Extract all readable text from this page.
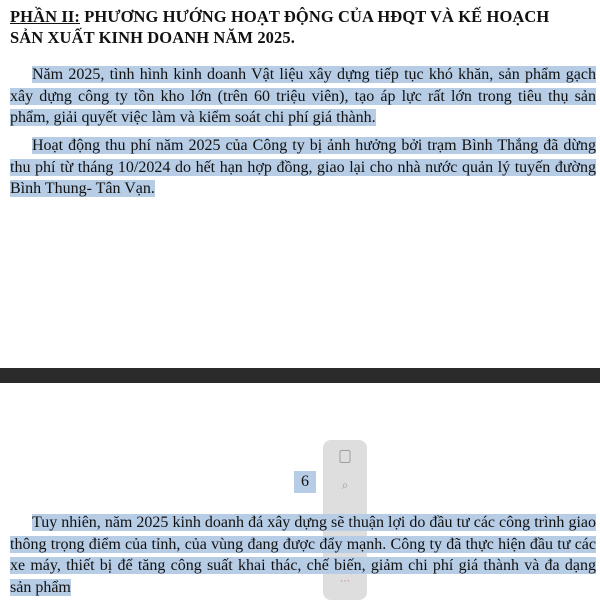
PHẦN II: PHƯƠNG HƯỚNG HOẠT ĐỘNG CỦA HĐQT VÀ KẾ HOẠCH
SẢN XUẤT KINH DOANH NĂM 2025.

Năm 2025, tình hình kinh doanh Vật liệu xây dựng tiếp tục khó khăn, sản phẩm gạch xây dựng công ty tồn kho lớn (trên 60 triệu viên), tạo áp lực rất lớn trong tiêu thụ sản phẩm, giải quyết việc làm và kiểm soát chi phí giá thành.

Hoạt động thu phí năm 2025 của Công ty bị ảnh hưởng bởi trạm Bình Thắng đã dừng thu phí từ tháng 10/2024 do hết hạn hợp đồng, giao lại cho nhà nước quản lý tuyến đường Bình Thung- Tân Vạn.

⌕
⋯
6

Tuy nhiên, năm 2025 kinh doanh đá xây dựng sẽ thuận lợi do đầu tư các công trình giao thông trọng điểm của tỉnh, của vùng đang được đẩy mạnh. Công ty đã thực hiện đầu tư các xe máy, thiết bị để tăng công suất khai thác, chế biến, giảm chi phí giá thành và đa dạng sản phẩm
